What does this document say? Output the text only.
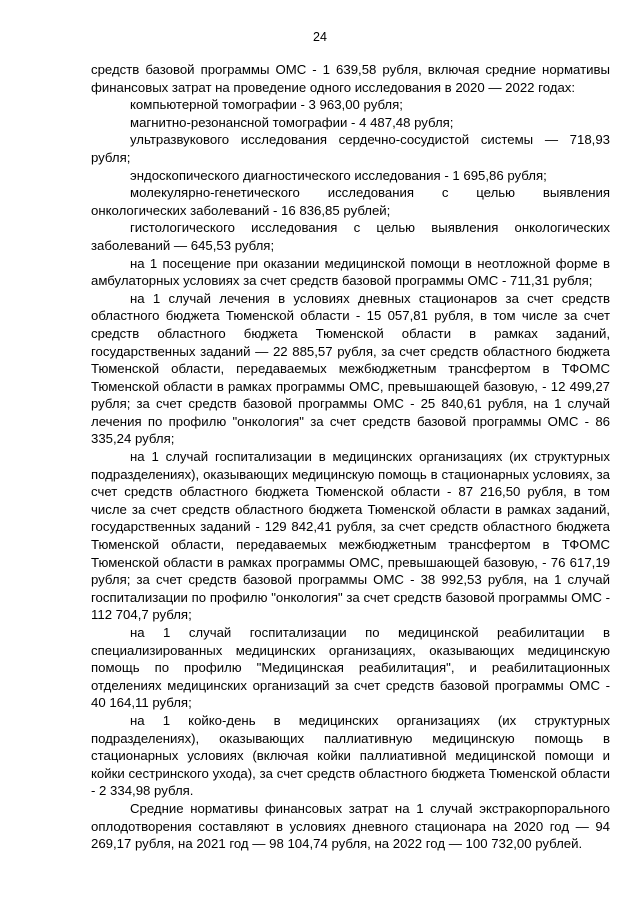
24

средств базовой программы ОМС - 1 639,58 рубля, включая средние нормативы финансовых затрат на проведение одного исследования в 2020 — 2022 годах:

компьютерной томографии - 3 963,00 рубля;

магнитно-резонансной томографии - 4 487,48 рубля;

ультразвукового исследования сердечно-сосудистой системы — 718,93 рубля;

эндоскопического диагностического исследования - 1 695,86 рубля;

молекулярно-генетического исследования с целью выявления онкологических заболеваний - 16 836,85 рублей;

гистологического исследования с целью выявления онкологических заболеваний — 645,53 рубля;

на 1 посещение при оказании медицинской помощи в неотложной форме в амбулаторных условиях за счет средств базовой программы ОМС - 711,31 рубля;

на 1 случай лечения в условиях дневных стационаров за счет средств областного бюджета Тюменской области - 15 057,81 рубля, в том числе за счет средств областного бюджета Тюменской области в рамках заданий, государственных заданий — 22 885,57 рубля, за счет средств областного бюджета Тюменской области, передаваемых межбюджетным трансфертом в ТФОМС Тюменской области в рамках программы ОМС, превышающей базовую, - 12 499,27 рубля; за счет средств базовой программы ОМС - 25 840,61 рубля, на 1 случай лечения по профилю "онкология" за счет средств базовой программы ОМС - 86 335,24 рубля;

на 1 случай госпитализации в медицинских организациях (их структурных подразделениях), оказывающих медицинскую помощь в стационарных условиях, за счет средств областного бюджета Тюменской области - 87 216,50 рубля, в том числе за счет средств областного бюджета Тюменской области в рамках заданий, государственных заданий - 129 842,41 рубля, за счет средств областного бюджета Тюменской области, передаваемых межбюджетным трансфертом в ТФОМС Тюменской области в рамках программы ОМС, превышающей базовую, - 76 617,19 рубля; за счет средств базовой программы ОМС - 38 992,53 рубля, на 1 случай госпитализации по профилю "онкология" за счет средств базовой программы ОМС - 112 704,7 рубля;

на 1 случай госпитализации по медицинской реабилитации в специализированных медицинских организациях, оказывающих медицинскую помощь по профилю "Медицинская реабилитация", и реабилитационных отделениях медицинских организаций за счет средств базовой программы ОМС - 40 164,11 рубля;

на 1 койко-день в медицинских организациях (их структурных подразделениях), оказывающих паллиативную медицинскую помощь в стационарных условиях (включая койки паллиативной медицинской помощи и койки сестринского ухода), за счет средств областного бюджета Тюменской области - 2 334,98 рубля.

Средние нормативы финансовых затрат на 1 случай экстракорпорального оплодотворения составляют в условиях дневного стационара на 2020 год — 94 269,17 рубля, на 2021 год — 98 104,74 рубля, на 2022 год — 100 732,00 рублей.
